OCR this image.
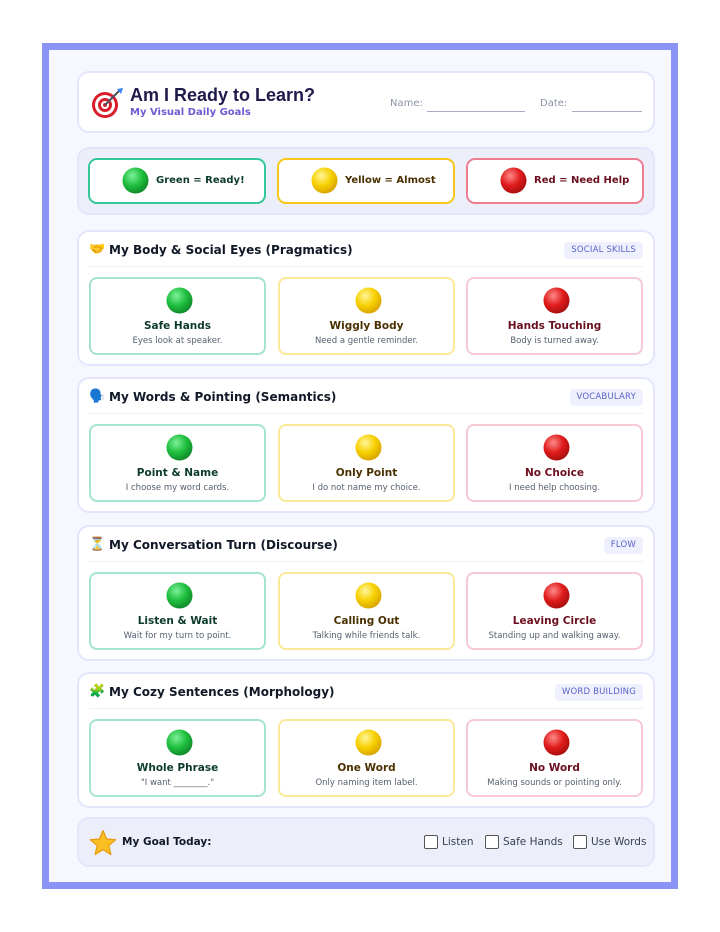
Am I Ready to Learn?
My Visual Daily Goals
Name:	Date:
Green = Ready!	Yellow = Almost	Red = Need Help
🤝 My Body & Social Eyes (Pragmatics)	SOCIAL SKILLS
Safe Hands
Eyes look at speaker.
Wiggly Body
Need a gentle reminder.
Hands Touching
Body is turned away.
🗣️ My Words & Pointing (Semantics)	VOCABULARY
Point & Name
I choose my word cards.
Only Point
I do not name my choice.
No Choice
I need help choosing.
⏳ My Conversation Turn (Discourse)	FLOW
Listen & Wait
Wait for my turn to point.
Calling Out
Talking while friends talk.
Leaving Circle
Standing up and walking away.
🧩 My Cozy Sentences (Morphology)	WORD BUILDING
Whole Phrase
"I want ________."
One Word
Only naming item label.
No Word
Making sounds or pointing only.
My Goal Today:	Listen	Safe Hands	Use Words
